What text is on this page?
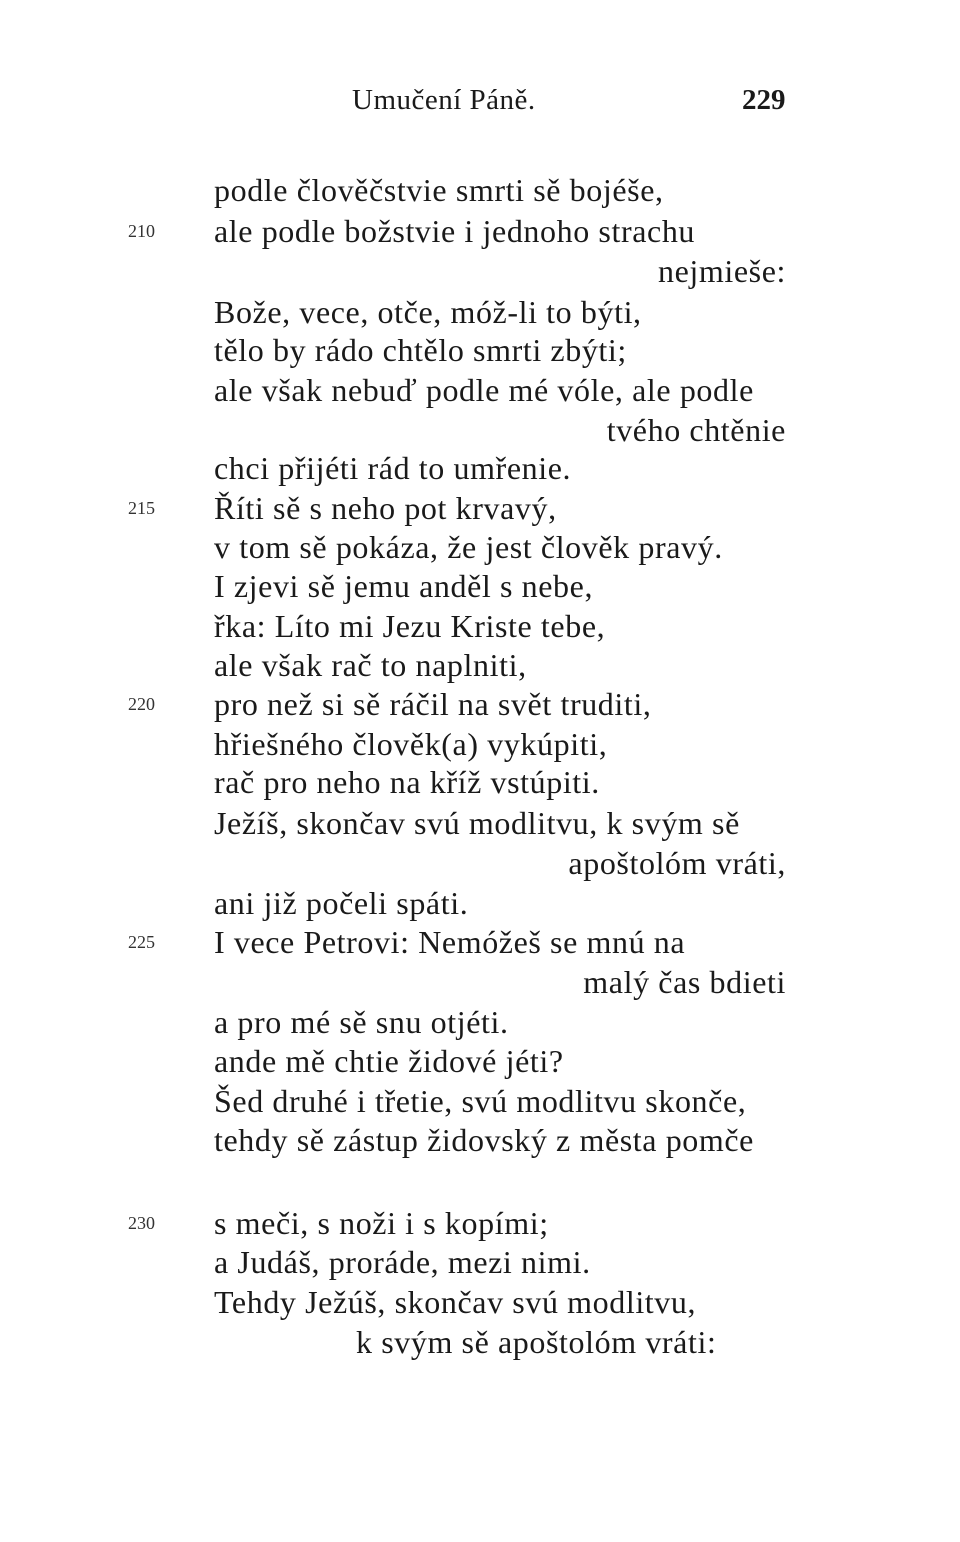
Umučení Páně.	229
podle člověčstvie smrti sě bojéše,
210 ale podle božstvie i jednoho strachu
nejmieše:
Bože, vece, otče, móž-li to býti,
tělo by rádo chtělo smrti zbýti;
ale však nebuď podle mé vóle, ale podle
tvého chtěnie
chci přijéti rád to umřenie.
215 Říti sě s neho pot krvavý,
v tom sě pokáza, že jest člověk pravý.
I zjevi sě jemu anděl s nebe,
řka: Líto mi Jezu Kriste tebe,
ale však rač to naplniti,
220 pro než si sě ráčil na svět truditi,
hřiešného člověk(a) vykúpiti,
rač pro neho na kříž vstúpiti.
Ježíš, skončav svú modlitvu, k svým sě
apoštolóm vráti,
ani již počeli spáti.
225 I vece Petrovi: Nemóžeš se mnú na
malý čas bdieti
a pro mé sě snu otjéti.
ande mě chtie židové jéti?
Šed druhé i třetie, svú modlitvu skonče,
tehdy sě zástup židovský z města pomče
230 s meči, s noži i s kopími;
a Judáš, proráde, mezi nimi.
Tehdy Ježúš, skončav svú modlitvu,
k svým sě apoštolóm vráti:
